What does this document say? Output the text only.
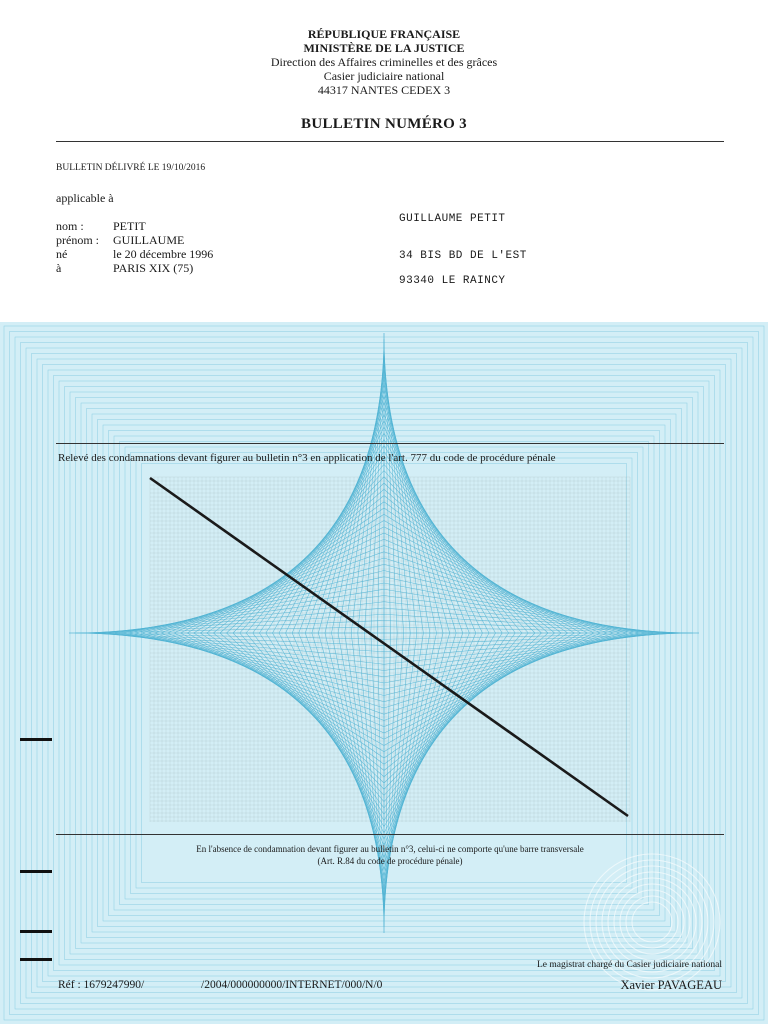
RÉPUBLIQUE FRANÇAISE
MINISTÈRE DE LA JUSTICE
Direction des Affaires criminelles et des grâces
Casier judiciaire national
44317 NANTES CEDEX 3
BULLETIN NUMÉRO 3
BULLETIN DÉLIVRÉ LE 19/10/2016
applicable à
nom : PETIT
prénom : GUILLAUME
né	le 20 décembre 1996
à	PARIS XIX (75)
GUILLAUME PETIT
34 BIS BD DE L'EST
93340 LE RAINCY
Relevé des condamnations devant figurer au bulletin n°3 en application de l'art. 777 du code de procédure pénale
En l'absence de condamnation devant figurer au bulletin n°3, celui-ci ne comporte qu'une barre transversale
(Art. R.84 du code de procédure pénale)
Réf : 1679247990/	/2004/000000000/INTERNET/000/N/0
Le magistrat chargé du Casier judiciaire national
Xavier PAVAGEAU
